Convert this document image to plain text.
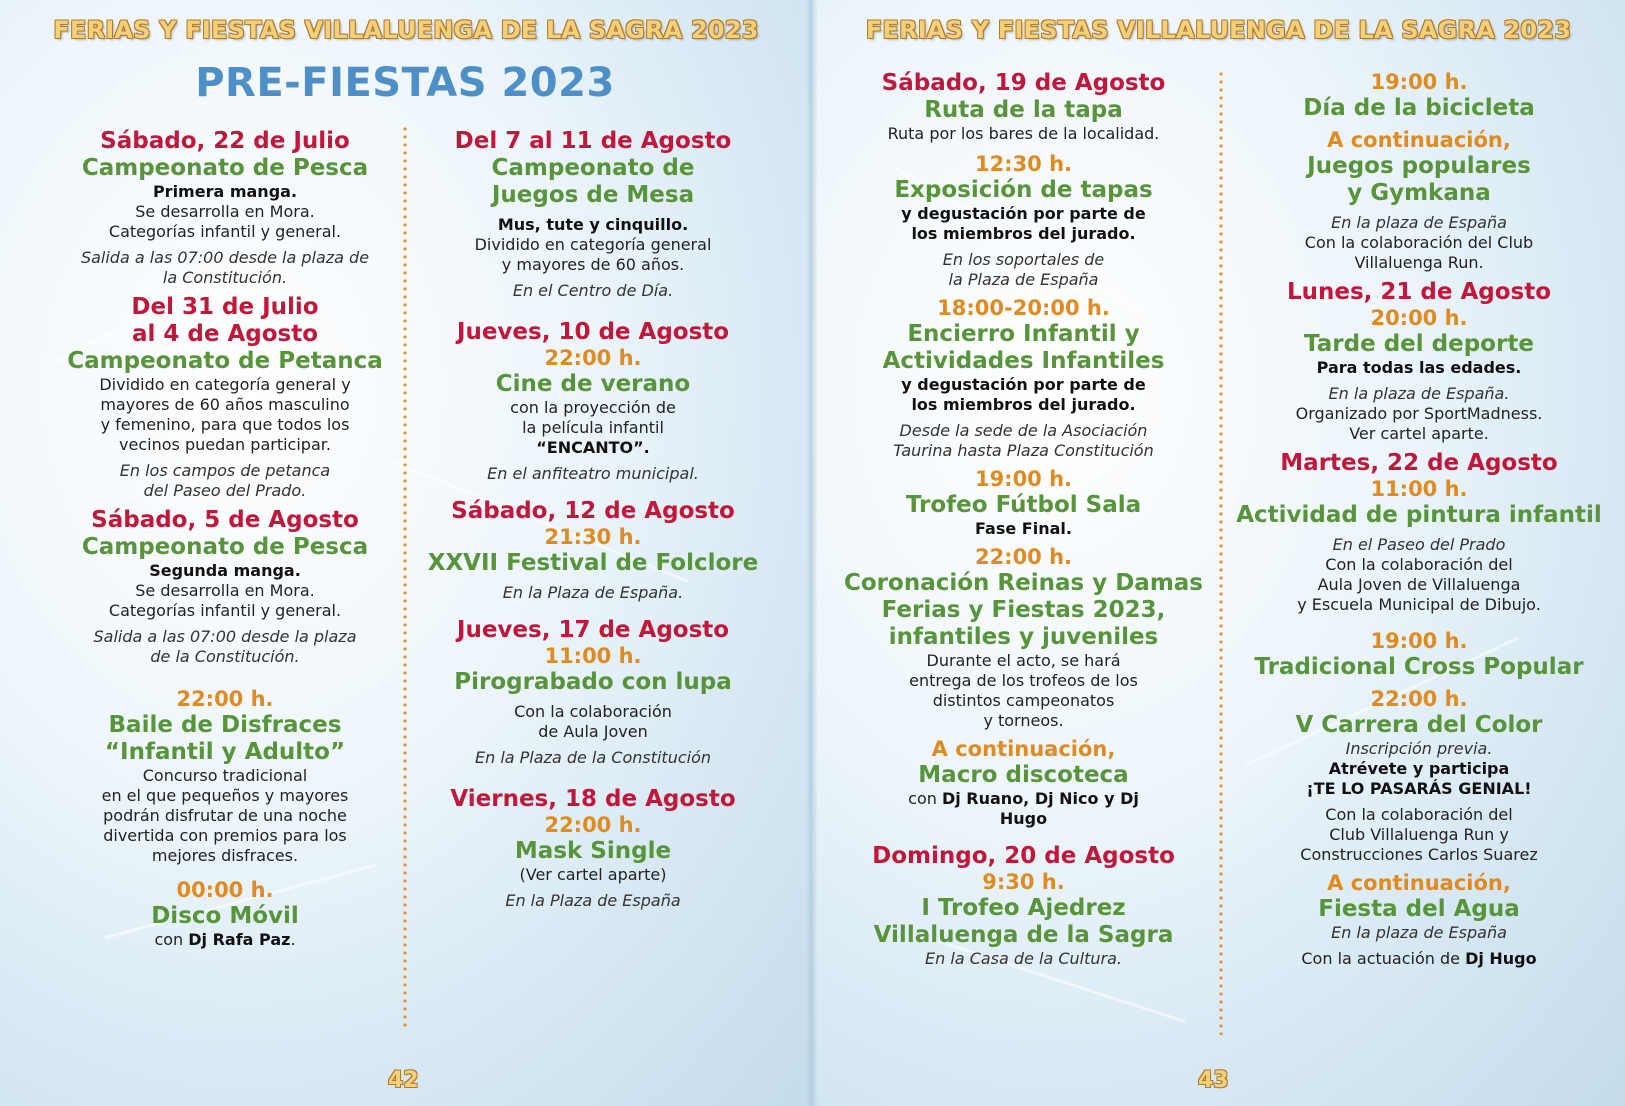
FERIAS Y FIESTAS VILLALUENGA DE LA SAGRA 2023
PRE-FIESTAS 2023
Sábado, 22 de Julio
Campeonato de Pesca
Primera manga.
Se desarrolla en Mora.
Categorías infantil y general.
Salida a las 07:00 desde la plaza de
la Constitución.
Del 31 de Julio
al 4 de Agosto
Campeonato de Petanca
Dividido en categoría general y
mayores de 60 años masculino
y femenino, para que todos los
vecinos puedan participar.
En los campos de petanca
del Paseo del Prado.
Sábado, 5 de Agosto
Campeonato de Pesca
Segunda manga.
Se desarrolla en Mora.
Categorías infantil y general.
Salida a las 07:00 desde la plaza
de la Constitución.
22:00 h.
Baile de Disfraces
“Infantil y Adulto”
Concurso tradicional
en el que pequeños y mayores
podrán disfrutar de una noche
divertida con premios para los
mejores disfraces.
00:00 h.
Disco Móvil
con Dj Rafa Paz.
Del 7 al 11 de Agosto
Campeonato de
Juegos de Mesa
Mus, tute y cinquillo.
Dividido en categoría general
y mayores de 60 años.
En el Centro de Día.
Jueves, 10 de Agosto
22:00 h.
Cine de verano
con la proyección de
la película infantil
“ENCANTO”.
En el anfiteatro municipal.
Sábado, 12 de Agosto
21:30 h.
XXVII Festival de Folclore
En la Plaza de España.
Jueves, 17 de Agosto
11:00 h.
Pirograbado con lupa
Con la colaboración
de Aula Joven
En la Plaza de la Constitución
Viernes, 18 de Agosto
22:00 h.
Mask Single
(Ver cartel aparte)
En la Plaza de España
42
FERIAS Y FIESTAS VILLALUENGA DE LA SAGRA 2023
Sábado, 19 de Agosto
Ruta de la tapa
Ruta por los bares de la localidad.
12:30 h.
Exposición de tapas
y degustación por parte de
los miembros del jurado.
En los soportales de
la Plaza de España
18:00-20:00 h.
Encierro Infantil y
Actividades Infantiles
y degustación por parte de
los miembros del jurado.
Desde la sede de la Asociación
Taurina hasta Plaza Constitución
19:00 h.
Trofeo Fútbol Sala
Fase Final.
22:00 h.
Coronación Reinas y Damas
Ferias y Fiestas 2023,
infantiles y juveniles
Durante el acto, se hará
entrega de los trofeos de los
distintos campeonatos
y torneos.
A continuación,
Macro discoteca
con Dj Ruano, Dj Nico y Dj
Hugo
Domingo, 20 de Agosto
9:30 h.
I Trofeo Ajedrez
Villaluenga de la Sagra
En la Casa de la Cultura.
19:00 h.
Día de la bicicleta
A continuación,
Juegos populares
y Gymkana
En la plaza de España
Con la colaboración del Club
Villaluenga Run.
Lunes, 21 de Agosto
20:00 h.
Tarde del deporte
Para todas las edades.
En la plaza de España.
Organizado por SportMadness.
Ver cartel aparte.
Martes, 22 de Agosto
11:00 h.
Actividad de pintura infantil
En el Paseo del Prado
Con la colaboración del
Aula Joven de Villaluenga
y Escuela Municipal de Dibujo.
19:00 h.
Tradicional Cross Popular
22:00 h.
V Carrera del Color
Inscripción previa.
Atrévete y participa
¡TE LO PASARÁS GENIAL!
Con la colaboración del
Club Villaluenga Run y
Construcciones Carlos Suarez
A continuación,
Fiesta del Agua
En la plaza de España
Con la actuación de Dj Hugo
43
